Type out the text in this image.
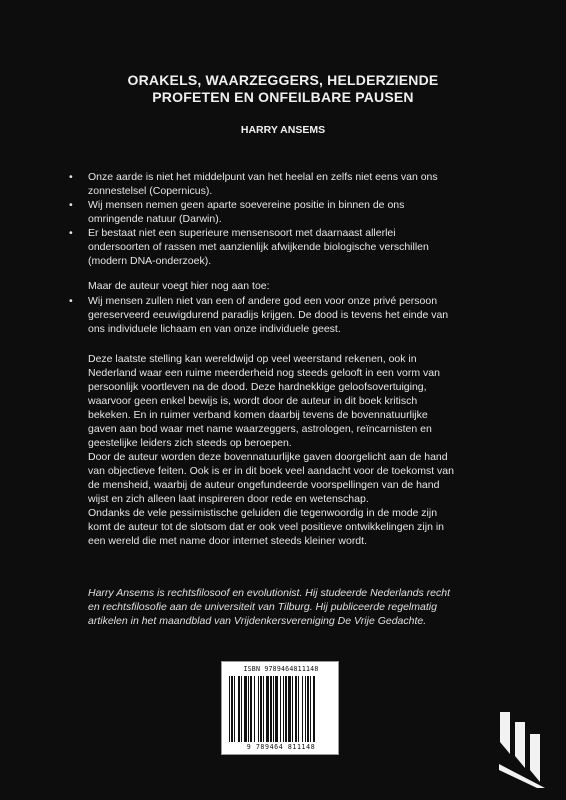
ORAKELS, WAARZEGGERS, HELDERZIENDE
PROFETEN EN ONFEILBARE PAUSEN
HARRY ANSEMS
• Onze aarde is niet het middelpunt van het heelal en zelfs niet eens van ons
zonnestelsel (Copernicus).
• Wij mensen nemen geen aparte soevereine positie in binnen de ons
omringende natuur (Darwin).
• Er bestaat niet een superieure mensensoort met daarnaast allerlei
ondersoorten of rassen met aanzienlijk afwijkende biologische verschillen
(modern DNA-onderzoek).
Maar de auteur voegt hier nog aan toe:
• Wij mensen zullen niet van een of andere god een voor onze privé persoon
gereserveerd eeuwigdurend paradijs krijgen. De dood is tevens het einde van
ons individuele lichaam en van onze individuele geest.

Deze laatste stelling kan wereldwijd op veel weerstand rekenen, ook in
Nederland waar een ruime meerderheid nog steeds gelooft in een vorm van
persoonlijk voortleven na de dood. Deze hardnekkige geloofsovertuiging,
waarvoor geen enkel bewijs is, wordt door de auteur in dit boek kritisch
bekeken. En in ruimer verband komen daarbij tevens de bovennatuurlijke
gaven aan bod waar met name waarzeggers, astrologen, reïncarnisten en
geestelijke leiders zich steeds op beroepen.

Door de auteur worden deze bovennatuurlijke gaven doorgelicht aan de hand
van objectieve feiten. Ook is er in dit boek veel aandacht voor de toekomst van
de mensheid, waarbij de auteur ongefundeerde voorspellingen van de hand
wijst en zich alleen laat inspireren door rede en wetenschap.

Ondanks de vele pessimistische geluiden die tegenwoordig in de mode zijn
komt de auteur tot de slotsom dat er ook veel positieve ontwikkelingen zijn in
een wereld die met name door internet steeds kleiner wordt.

Harry Ansems is rechtsfilosoof en evolutionist. Hij studeerde Nederlands recht
en rechtsfilosofie aan de universiteit van Tilburg. Hij publiceerde regelmatig
artikelen in het maandblad van Vrijdenkersvereniging De Vrije Gedachte.
ISBN 9789464811148
9 789464 811148
